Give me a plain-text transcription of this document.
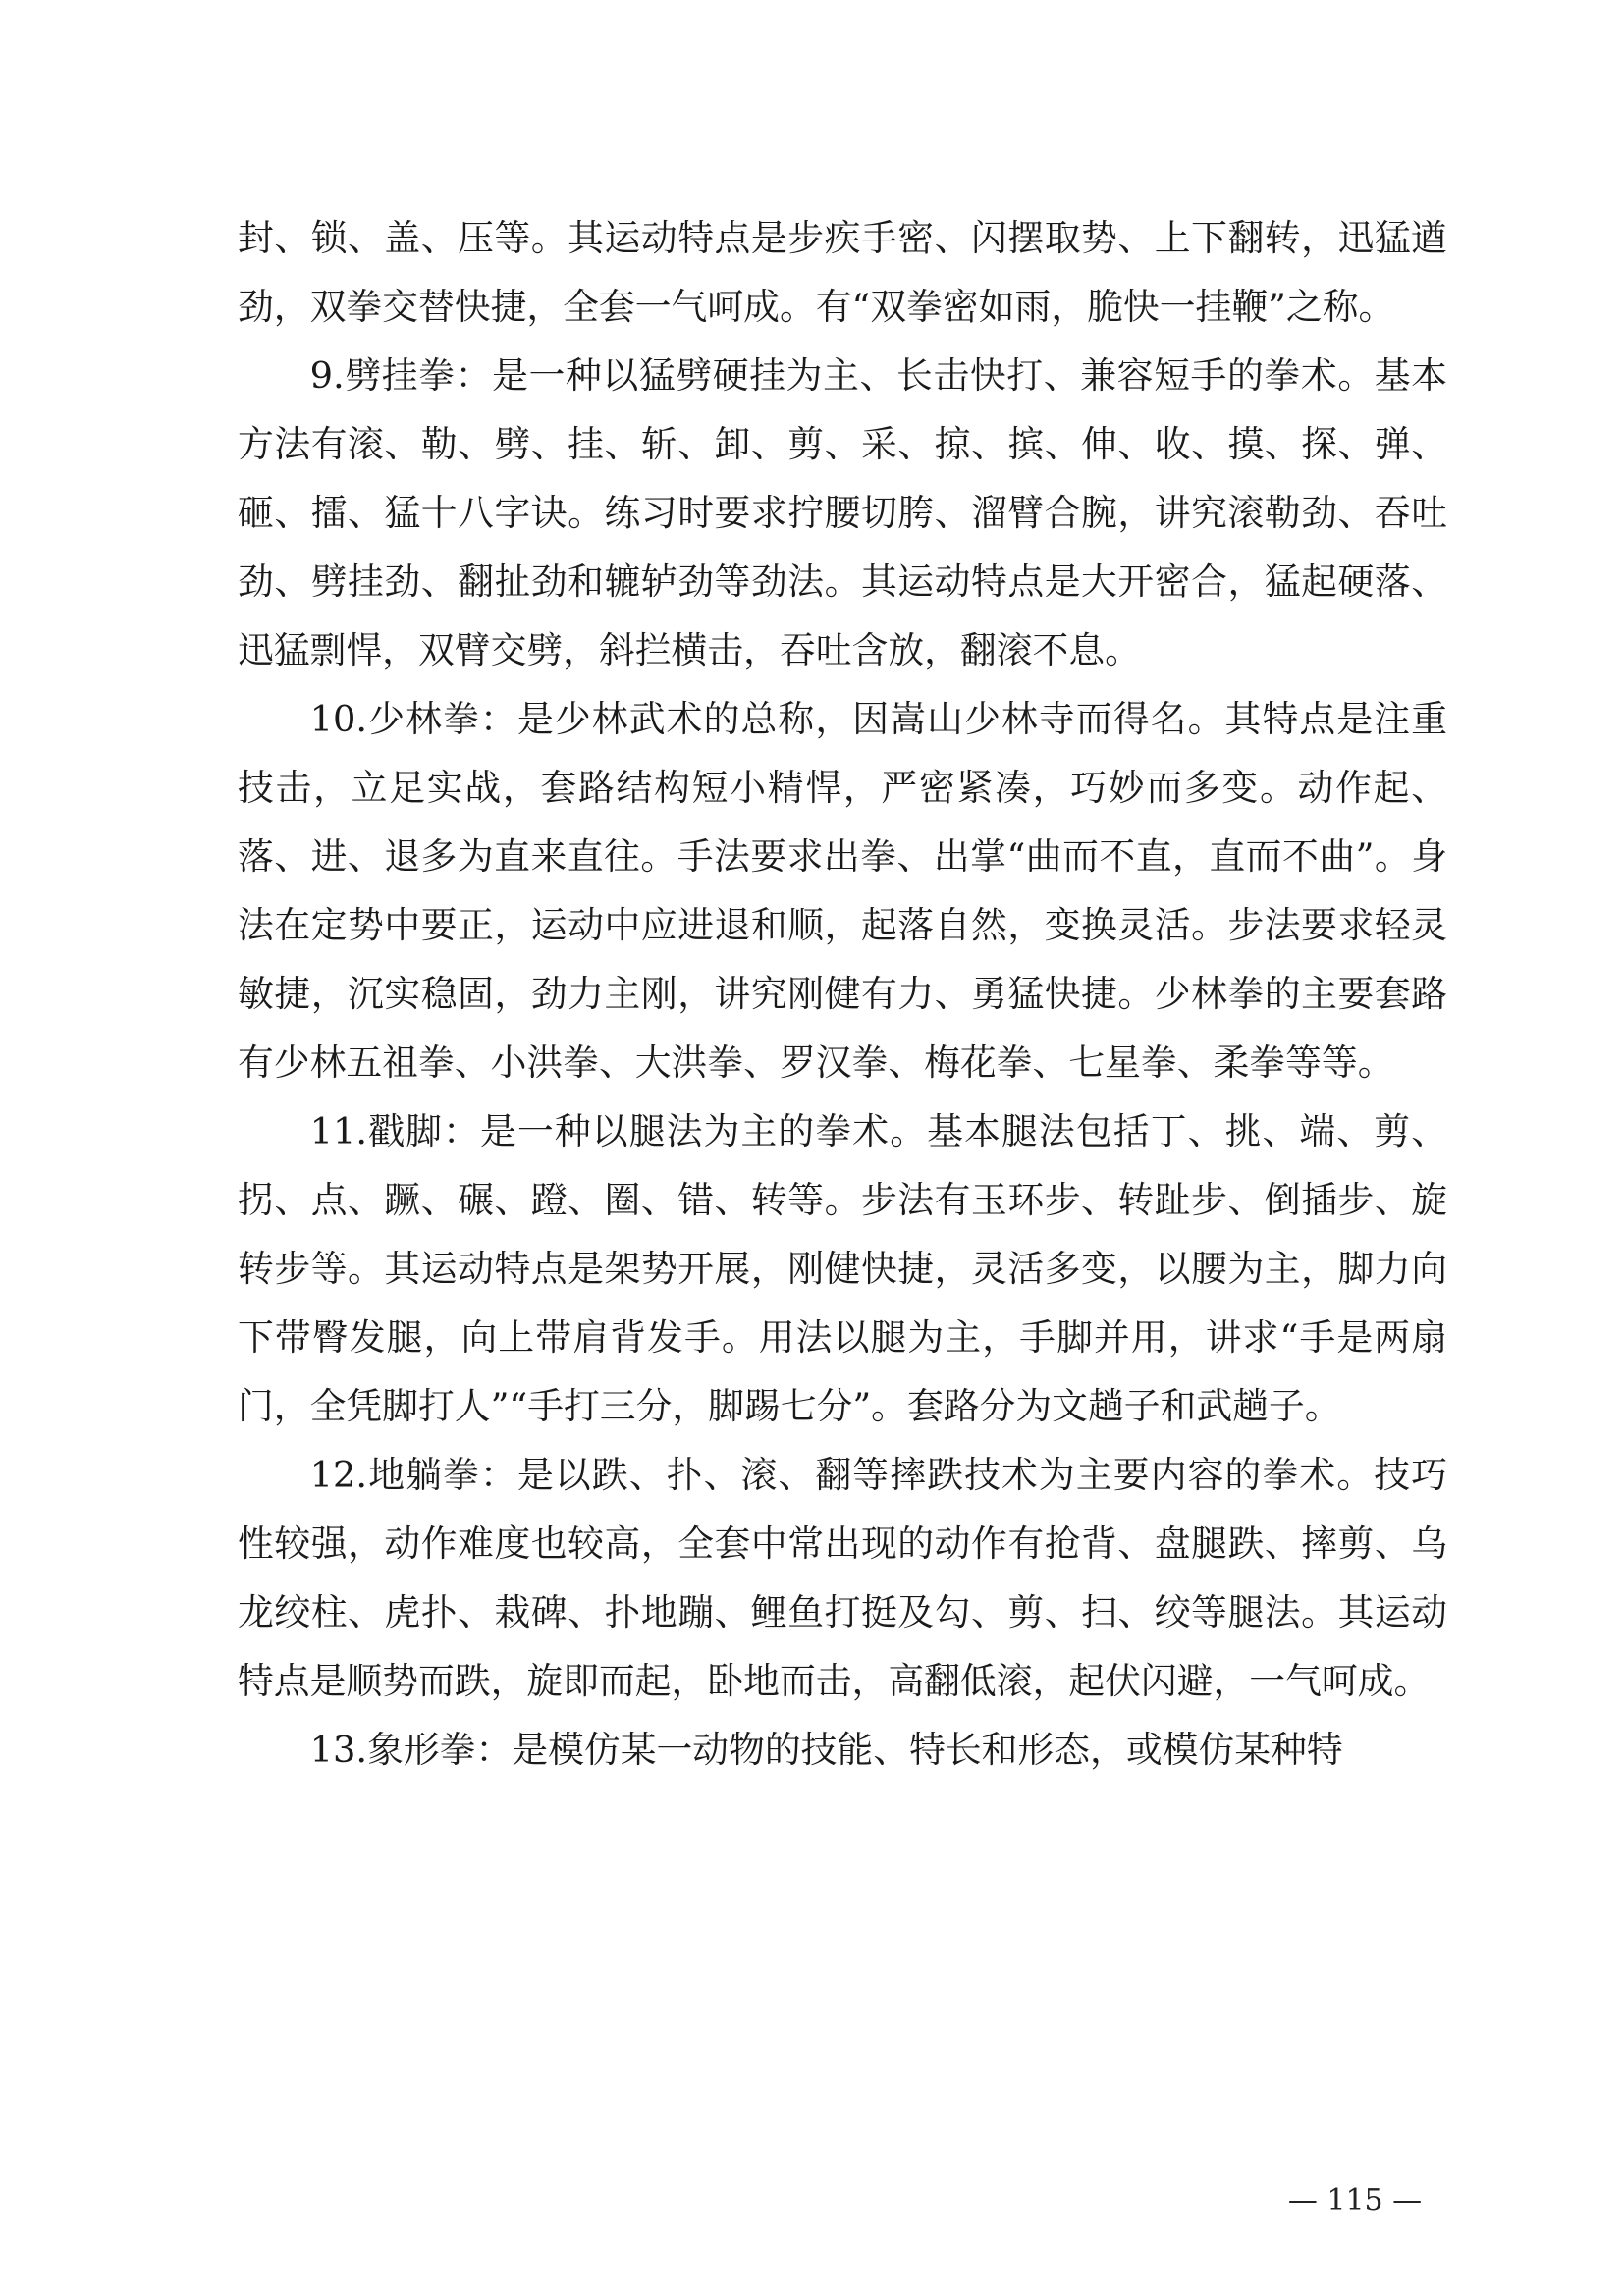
封、锁、盖、压等。其运动特点是步疾手密、闪摆取势、上下翻转，迅猛遒劲，双拳交替快捷，全套一气呵成。有“双拳密如雨，脆快一挂鞭”之称。

9.劈挂拳：是一种以猛劈硬挂为主、长击快打、兼容短手的拳术。基本方法有滚、勒、劈、挂、斩、卸、剪、采、掠、摈、伸、收、摸、探、弹、砸、擂、猛十八字诀。练习时要求拧腰切胯、溜臂合腕，讲究滚勒劲、吞吐劲、劈挂劲、翻扯劲和辘轳劲等劲法。其运动特点是大开密合，猛起硬落、迅猛剽悍，双臂交劈，斜拦横击，吞吐含放，翻滚不息。

10.少林拳：是少林武术的总称，因嵩山少林寺而得名。其特点是注重技击，立足实战，套路结构短小精悍，严密紧凑，巧妙而多变。动作起、落、进、退多为直来直往。手法要求出拳、出掌“曲而不直，直而不曲”。身法在定势中要正，运动中应进退和顺，起落自然，变换灵活。步法要求轻灵敏捷，沉实稳固，劲力主刚，讲究刚健有力、勇猛快捷。少林拳的主要套路有少林五祖拳、小洪拳、大洪拳、罗汉拳、梅花拳、七星拳、柔拳等等。

11.戳脚：是一种以腿法为主的拳术。基本腿法包括丁、挑、端、剪、拐、点、蹶、碾、蹬、圈、错、转等。步法有玉环步、转趾步、倒插步、旋转步等。其运动特点是架势开展，刚健快捷，灵活多变，以腰为主，脚力向下带臀发腿，向上带肩背发手。用法以腿为主，手脚并用，讲求“手是两扇门，全凭脚打人”“手打三分，脚踢七分”。套路分为文趟子和武趟子。

12.地躺拳：是以跌、扑、滚、翻等摔跌技术为主要内容的拳术。技巧性较强，动作难度也较高，全套中常出现的动作有抢背、盘腿跌、摔剪、乌龙绞柱、虎扑、栽碑、扑地蹦、鲤鱼打挺及勾、剪、扫、绞等腿法。其运动特点是顺势而跌，旋即而起，卧地而击，高翻低滚，起伏闪避，一气呵成。

13.象形拳：是模仿某一动物的技能、特长和形态，或模仿某种特

— 115 —
